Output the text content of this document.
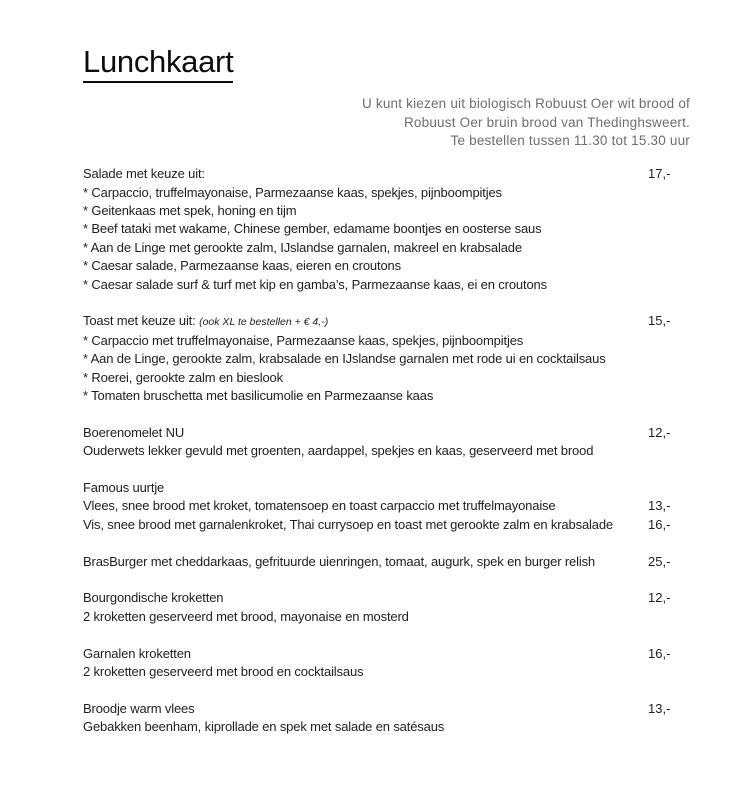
Lunchkaart
U kunt kiezen uit biologisch Robuust Oer wit brood of
Robuust Oer bruin brood van Thedinghsweert.
Te bestellen tussen 11.30 tot 15.30 uur
Salade met keuze uit:	17,-
* Carpaccio, truffelmayonaise, Parmezaanse kaas, spekjes, pijnboompitjes
* Geitenkaas met spek, honing en tijm
* Beef tataki met wakame, Chinese gember, edamame boontjes en oosterse saus
* Aan de Linge met gerookte zalm, IJslandse garnalen, makreel en krabsalade
* Caesar salade, Parmezaanse kaas, eieren en croutons
* Caesar salade surf & turf met kip en gamba’s, Parmezaanse kaas, ei en croutons
Toast met keuze uit: (ook XL te bestellen + € 4,-)	15,-
* Carpaccio met truffelmayonaise, Parmezaanse kaas, spekjes, pijnboompitjes
* Aan de Linge, gerookte zalm, krabsalade en IJslandse garnalen met rode ui en cocktailsaus
* Roerei, gerookte zalm en bieslook
* Tomaten bruschetta met basilicumolie en Parmezaanse kaas
Boerenomelet NU	12,-
Ouderwets lekker gevuld met groenten, aardappel, spekjes en kaas, geserveerd met brood
Famous uurtje
Vlees, snee brood met kroket, tomatensoep en toast carpaccio met truffelmayonaise	13,-
Vis, snee brood met garnalenkroket, Thai currysoep en toast met gerookte zalm en krabsalade	16,-
BrasBurger met cheddarkaas, gefrituurde uienringen, tomaat, augurk, spek en burger relish	25,-
Bourgondische kroketten	12,-
2 kroketten geserveerd met brood, mayonaise en mosterd
Garnalen kroketten	16,-
2 kroketten geserveerd met brood en cocktailsaus
Broodje warm vlees	13,-
Gebakken beenham, kiprollade en spek met salade en satésaus
